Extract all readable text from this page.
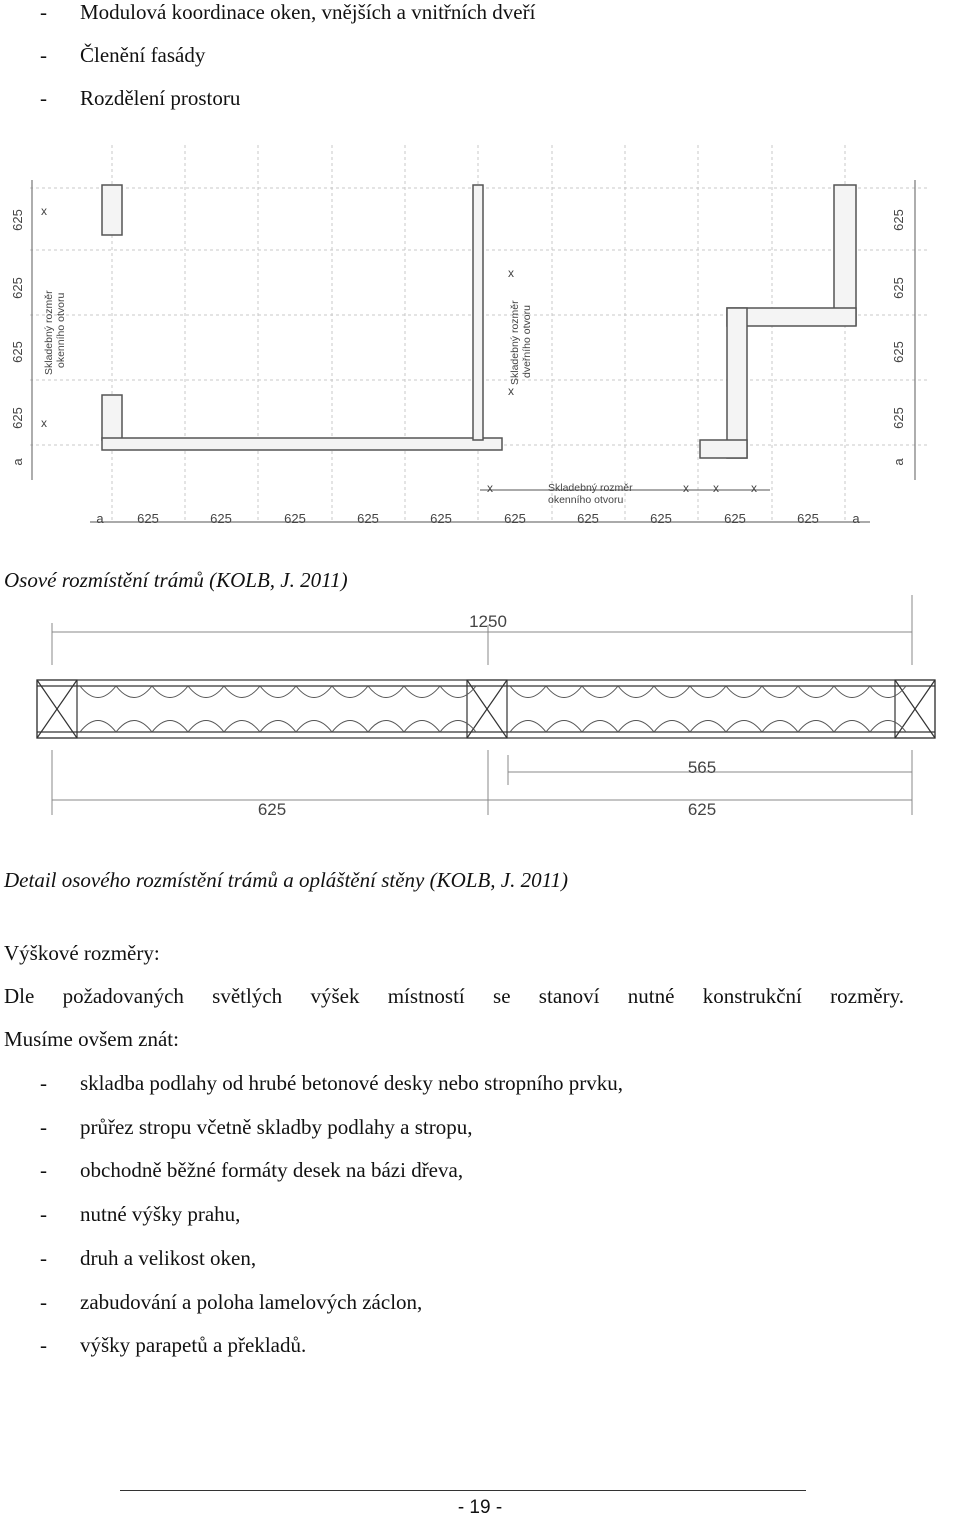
- Modulová koordinace oken, vnějších a vnitřních dveří
- Členění fasády
- Rozdělení prostoru
a	625	625	625	625	625	625	625	625	625	625	a
625
625
625
625
a
625
625
625
625
a
x
x
x
x
x	x x	x
Skladebný rozměr okenního otvoru	Skladebný rozměr dveřního otvoru
Skladebný rozměr
okenního otvoru
Osové rozmístění trámů (KOLB, J. 2011)
1250
565
625	625
Detail osového rozmístění trámů a opláštění stěny (KOLB, J. 2011)
Výškové rozměry:
Dle požadovaných světlých výšek místností se stanoví nutné konstrukční rozměry.
Musíme ovšem znát:
- skladba podlahy od hrubé betonové desky nebo stropního prvku,
- průřez stropu včetně skladby podlahy a stropu,
- obchodně běžné formáty desek na bázi dřeva,
- nutné výšky prahu,
- druh a velikost oken,
- zabudování a poloha lamelových záclon,
- výšky parapetů a překladů.
- 19 -
